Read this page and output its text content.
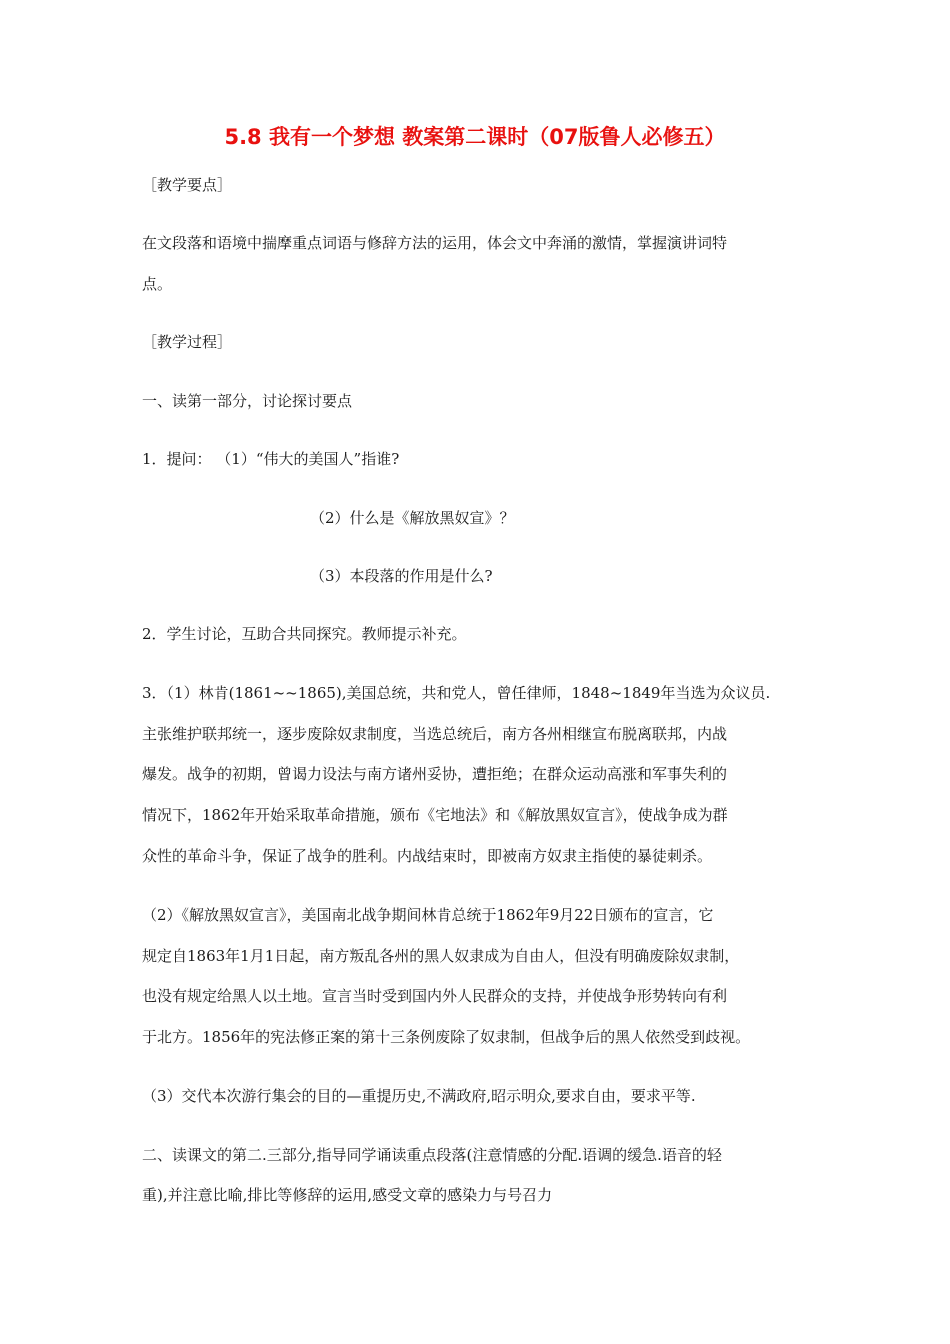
5.8 我有一个梦想 教案第二课时（07版鲁人必修五）
［教学要点］
在文段落和语境中揣摩重点词语与修辞方法的运用，体会文中奔涌的激情，掌握演讲词特
点。
［教学过程］
一、读第一部分，讨论探讨要点
1．提问： （1）“伟大的美国人”指谁?
（2）什么是《解放黑奴宣》？
（3）本段落的作用是什么?
2．学生讨论，互助合共同探究。教师提示补充。
3．（1）林肯(1861~~1865),美国总统，共和党人，曾任律师，1848~1849年当选为众议员.
主张维护联邦统一，逐步废除奴隶制度，当选总统后，南方各州相继宣布脱离联邦，内战
爆发。战争的初期，曾谒力设法与南方诸州妥协，遭拒绝；在群众运动高涨和军事失利的
情况下，1862年开始采取革命措施，颁布《宅地法》和《解放黑奴宣言》，使战争成为群
众性的革命斗争，保证了战争的胜利。内战结束时，即被南方奴隶主指使的暴徒刺杀。
（2）《解放黑奴宣言》，美国南北战争期间林肯总统于1862年9月22日颁布的宣言，它
规定自1863年1月1日起，南方叛乱各州的黑人奴隶成为自由人，但没有明确废除奴隶制，
也没有规定给黑人以土地。宣言当时受到国内外人民群众的支持，并使战争形势转向有利
于北方。1856年的宪法修正案的第十三条例废除了奴隶制，但战争后的黑人依然受到歧视。
（3）交代本次游行集会的目的—重提历史,不满政府,昭示明众,要求自由，要求平等.
二、读课文的第二.三部分,指导同学诵读重点段落(注意情感的分配.语调的缓急.语音的轻
重),并注意比喻,排比等修辞的运用,感受文章的感染力与号召力
